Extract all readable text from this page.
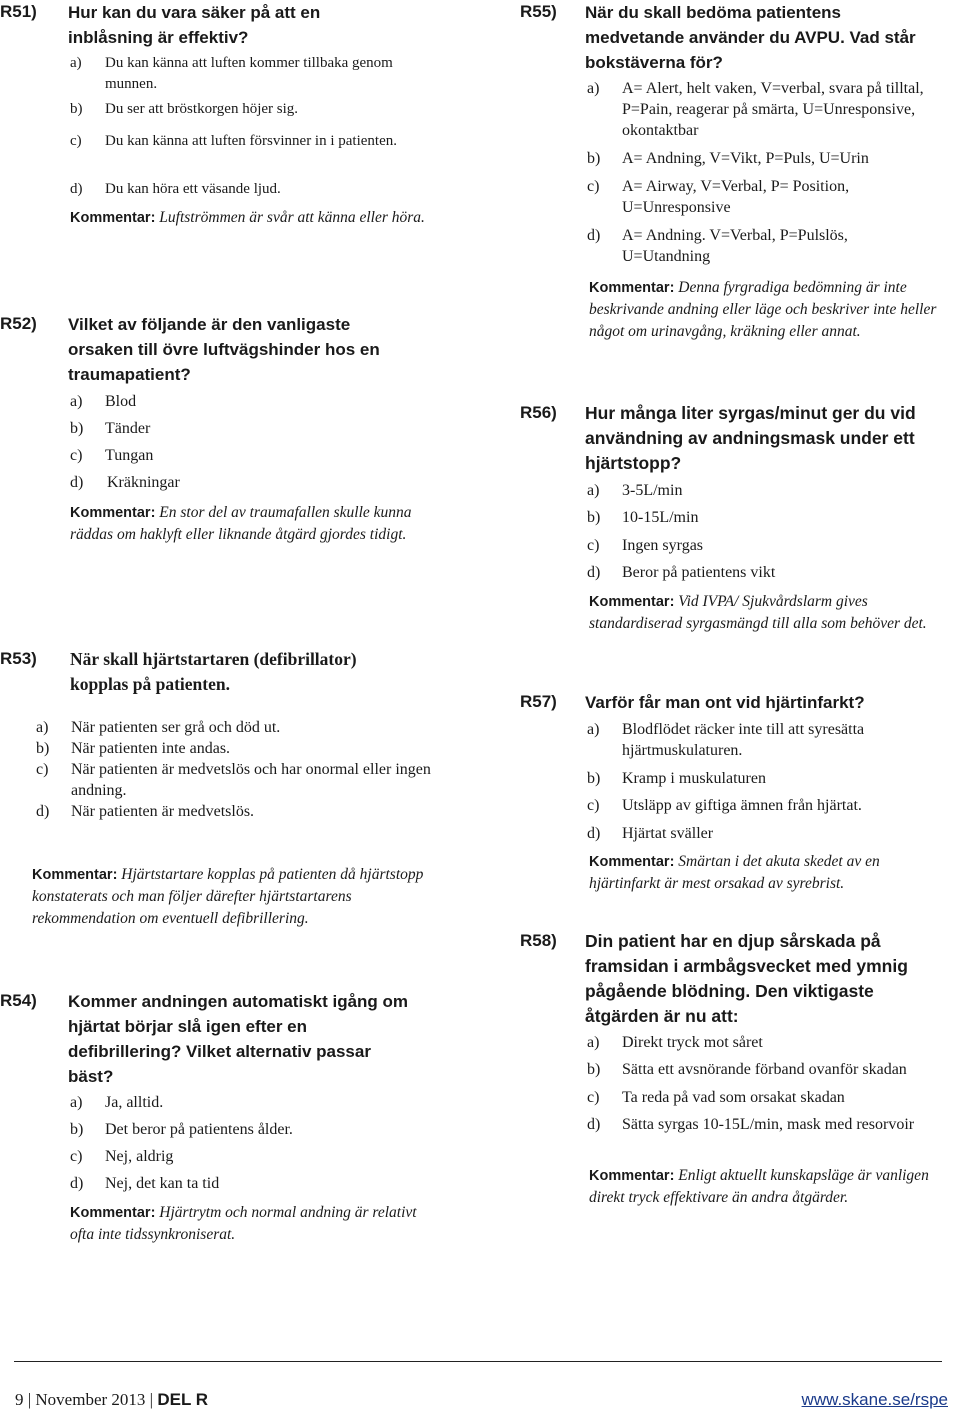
R51) Hur kan du vara säker på att en inblåsning är effektiv?
a)	Du kan känna att luften kommer tillbaka genom munnen.
b)	Du ser att bröstkorgen höjer sig.
c)	Du kan känna att luften försvinner in i patienten.
d)	Du kan höra ett väsande ljud.
Kommentar: Luftströmmen är svår att känna eller höra.
R52) Vilket av följande är den vanligaste orsaken till övre luftvägshinder hos en traumapatient?
a)	Blod
b)	Tänder
c)	Tungan
d)	Kräkningar
Kommentar: En stor del av traumafallen skulle kunna räddas om haklyft eller liknande åtgärd gjordes tidigt.
R53) När skall hjärtstartaren (defibrillator) kopplas på patienten.
a)	När patienten ser grå och död ut.
b)	När patienten inte andas.
c)	När patienten är medvetslös och har onormal eller ingen andning.
d)	När patienten är medvetslös.
Kommentar: Hjärtstartare kopplas på patienten då hjärtstopp konstaterats och man följer därefter hjärtstartarens rekommendation om eventuell defibrillering.
R54) Kommer andningen automatiskt igång om hjärtat börjar slå igen efter en defibrillering? Vilket alternativ passar bäst?
a)	Ja, alltid.
b)	Det beror på patientens ålder.
c)	Nej, aldrig
d)	Nej, det kan ta tid
Kommentar: Hjärtrytm och normal andning är relativt ofta inte tidssynkroniserat.
R55) När du skall bedöma patientens medvetande använder du AVPU. Vad står bokstäverna för?
a)	A= Alert, helt vaken, V=verbal, svara på tilltal, P=Pain, reagerar på smärta, U=Unresponsive, okontaktbar
b)	A= Andning, V=Vikt, P=Puls, U=Urin
c)	A= Airway, V=Verbal, P= Position, U=Unresponsive
d)	A= Andning. V=Verbal, P=Pulslös, U=Utandning
Kommentar: Denna fyrgradiga bedömning är inte beskrivande andning eller läge och beskriver inte heller något om urinavgång, kräkning eller annat.
R56) Hur många liter syrgas/minut ger du vid användning av andningsmask under ett hjärtstopp?
a)	3-5L/min
b)	10-15L/min
c)	Ingen syrgas
d)	Beror på patientens vikt
Kommentar: Vid IVPA/ Sjukvårdslarm gives standardiserad syrgasmängd till alla som behöver det.
R57) Varför får man ont vid hjärtinfarkt?
a)	Blodflödet räcker inte till att syresätta hjärtmuskulaturen.
b)	Kramp i muskulaturen
c)	Utsläpp av giftiga ämnen från hjärtat.
d)	Hjärtat sväller
Kommentar: Smärtan i det akuta skedet av en hjärtinfarkt är mest orsakad av syrebrist.
R58) Din patient har en djup sårskada på framsidan i armbågsvecket med ymnig pågående blödning. Den viktigaste åtgärden är nu att:
a)	Direkt tryck mot såret
b)	Sätta ett avsnörande förband ovanför skadan
c)	Ta reda på vad som orsakat skadan
d)	Sätta syrgas 10-15L/min, mask med resorvoir
Kommentar: Enligt aktuellt kunskapsläge är vanligen direkt tryck effektivare än andra åtgärder.
9 | November 2013 | DEL R	www.skane.se/rspe
